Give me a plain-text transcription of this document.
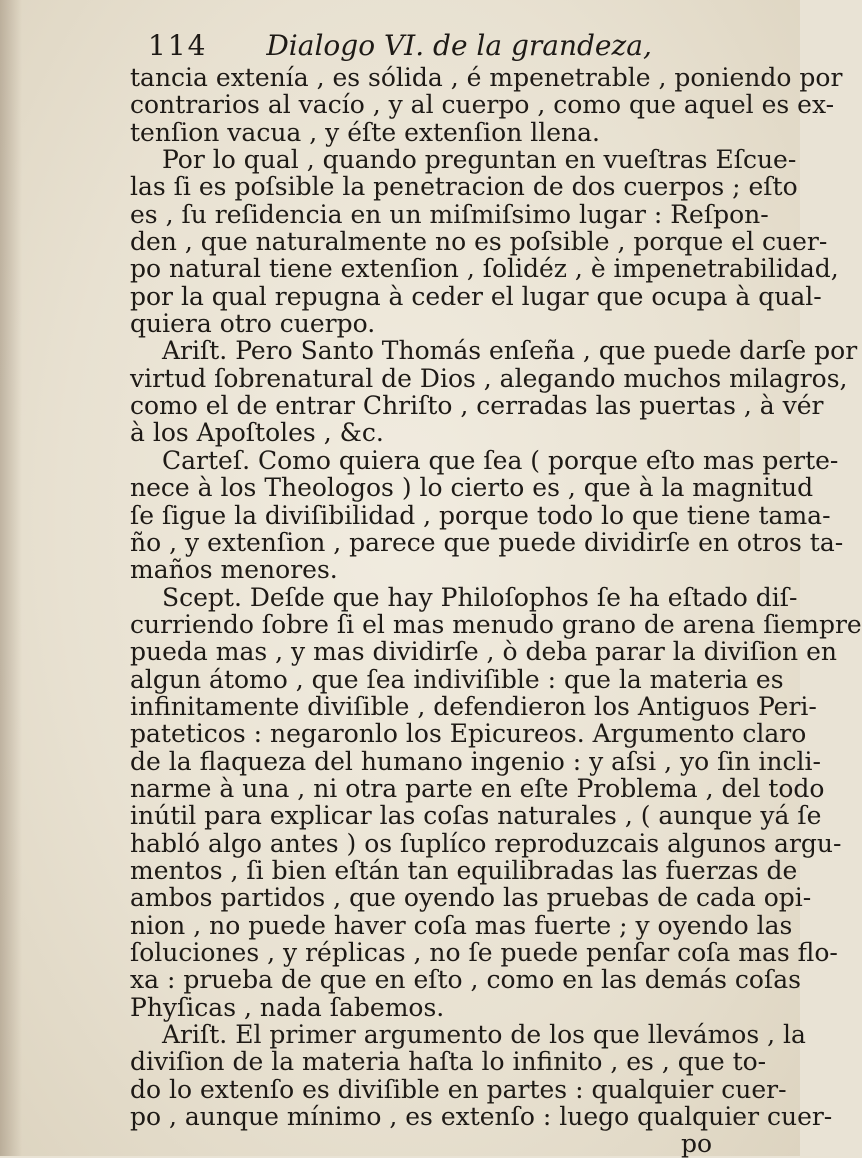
114 Dialogo VI. de la grandeza,
tancia extenía , es sólida , é mpenetrable , poniendo por
contrarios al vacío , y al cuerpo , como que aquel es ex-
tenſion vacua , y éſte extenſion llena.
Por lo qual , quando preguntan en vueſtras Eſcue-
las ſi es poſsible la penetracion de dos cuerpos ; eſto
es , ſu reſidencia en un miſmiſsimo lugar : Reſpon-
den , que naturalmente no es poſsible , porque el cuer-
po natural tiene extenſion , ſolidéz , è impenetrabilidad,
por la qual repugna à ceder el lugar que ocupa à qual-
quiera otro cuerpo.
Ariſt. Pero Santo Thomás enſeña , que puede darſe por
virtud ſobrenatural de Dios , alegando muchos milagros,
como el de entrar Chriſto , cerradas las puertas , à vér
à los Apoſtoles , &c.
Carteſ. Como quiera que ſea ( porque eſto mas perte-
nece à los Theologos ) lo cierto es , que à la magnitud
ſe ſigue la diviſibilidad , porque todo lo que tiene tama-
ño , y extenſion , parece que puede dividirſe en otros ta-
maños menores.
Scept. Deſde que hay Philoſophos ſe ha eſtado diſ-
curriendo ſobre ſi el mas menudo grano de arena ſiempre
pueda mas , y mas dividirſe , ò deba parar la diviſion en
algun átomo , que ſea indiviſible : que la materia es
infinitamente diviſible , defendieron los Antiguos Peri-
pateticos : negaronlo los Epicureos. Argumento claro
de la flaqueza del humano ingenio : y aſsi , yo ſin incli-
narme à una , ni otra parte en eſte Problema , del todo
inútil para explicar las coſas naturales , ( aunque yá ſe
habló algo antes ) os ſuplíco reproduzcais algunos argu-
mentos , ſi bien eſtán tan equilibradas las fuerzas de
ambos partidos , que oyendo las pruebas de cada opi-
nion , no puede haver coſa mas fuerte ; y oyendo las
ſoluciones , y réplicas , no ſe puede penſar coſa mas flo-
xa : prueba de que en eſto , como en las demás coſas
Phyſicas , nada ſabemos.
Ariſt. El primer argumento de los que llevámos , la
diviſion de la materia haſta lo infinito , es , que to-
do lo extenſo es diviſible en partes : qualquier cuer-
po , aunque mínimo , es extenſo : luego qualquier cuer-
po
